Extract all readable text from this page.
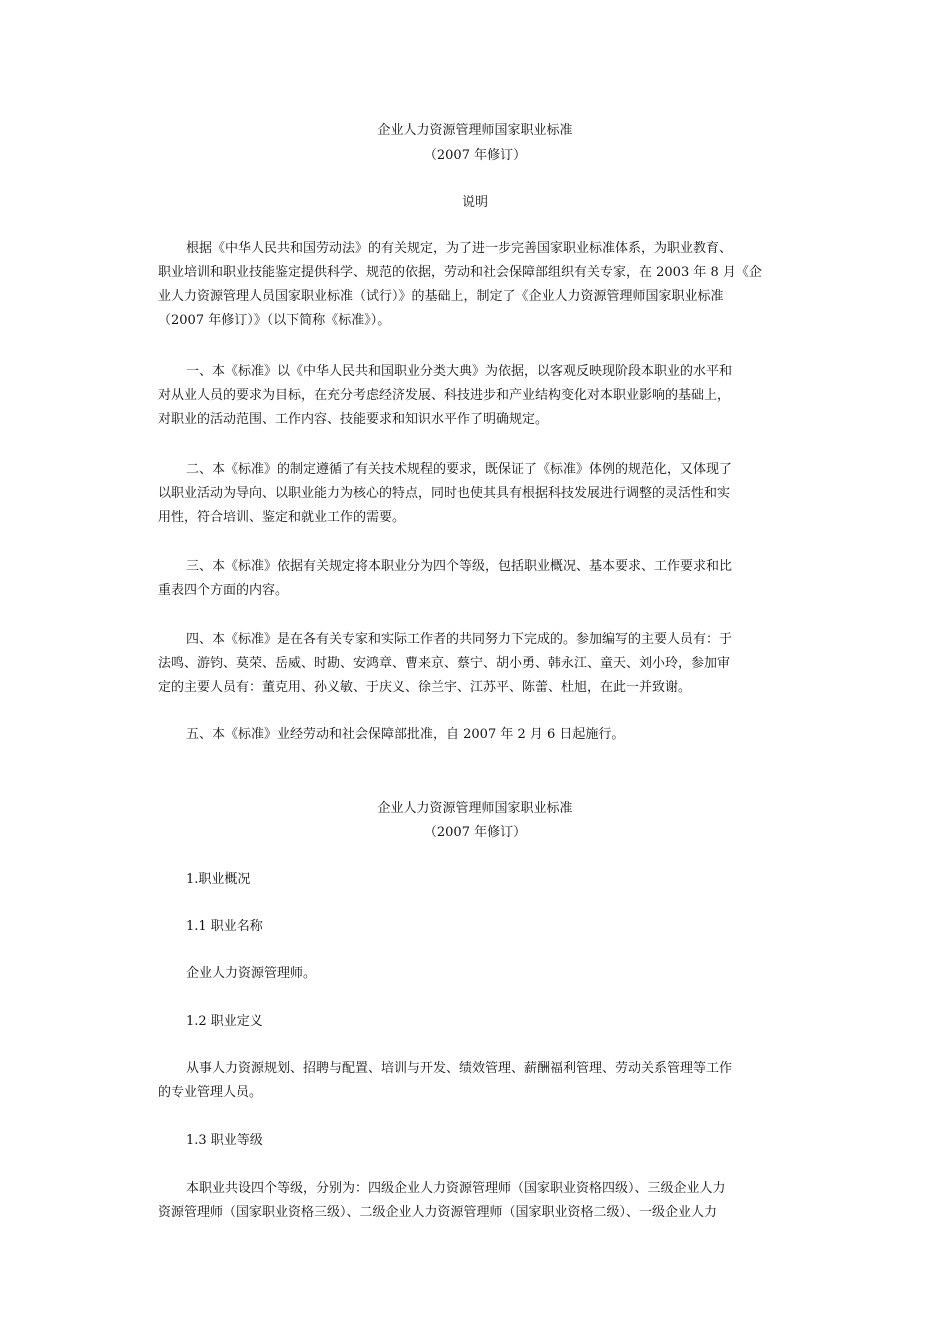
企业人力资源管理师国家职业标准
（2007 年修订）
说明
根据《中华人民共和国劳动法》的有关规定，为了进一步完善国家职业标准体系，为职业教育、
职业培训和职业技能鉴定提供科学、规范的依据，劳动和社会保障部组织有关专家，在 2003 年 8 月《企
业人力资源管理人员国家职业标准（试行）》的基础上，制定了《企业人力资源管理师国家职业标准
（2007 年修订）》（以下简称《标准》）。
一、本《标准》以《中华人民共和国职业分类大典》为依据，以客观反映现阶段本职业的水平和
对从业人员的要求为目标，在充分考虑经济发展、科技进步和产业结构变化对本职业影响的基础上，
对职业的活动范围、工作内容、技能要求和知识水平作了明确规定。
二、本《标准》的制定遵循了有关技术规程的要求，既保证了《标准》体例的规范化，又体现了
以职业活动为导向、以职业能力为核心的特点，同时也使其具有根据科技发展进行调整的灵活性和实
用性，符合培训、鉴定和就业工作的需要。
三、本《标准》依据有关规定将本职业分为四个等级，包括职业概况、基本要求、工作要求和比
重表四个方面的内容。
四、本《标准》是在各有关专家和实际工作者的共同努力下完成的。参加编写的主要人员有：于
法鸣、游钧、莫荣、岳威、时勘、安鸿章、曹来京、蔡宁、胡小勇、韩永江、童天、刘小玲，参加审
定的主要人员有：董克用、孙义敏、于庆义、徐兰宇、江苏平、陈蕾、杜旭，在此一并致谢。
五、本《标准》业经劳动和社会保障部批准，自 2007 年 2 月 6 日起施行。
企业人力资源管理师国家职业标准
（2007 年修订）
1.职业概况
1.1 职业名称
企业人力资源管理师。
1.2 职业定义
从事人力资源规划、招聘与配置、培训与开发、绩效管理、薪酬福利管理、劳动关系管理等工作
的专业管理人员。
1.3 职业等级
本职业共设四个等级，分别为：四级企业人力资源管理师（国家职业资格四级）、三级企业人力
资源管理师（国家职业资格三级）、二级企业人力资源管理师（国家职业资格二级）、一级企业人力
